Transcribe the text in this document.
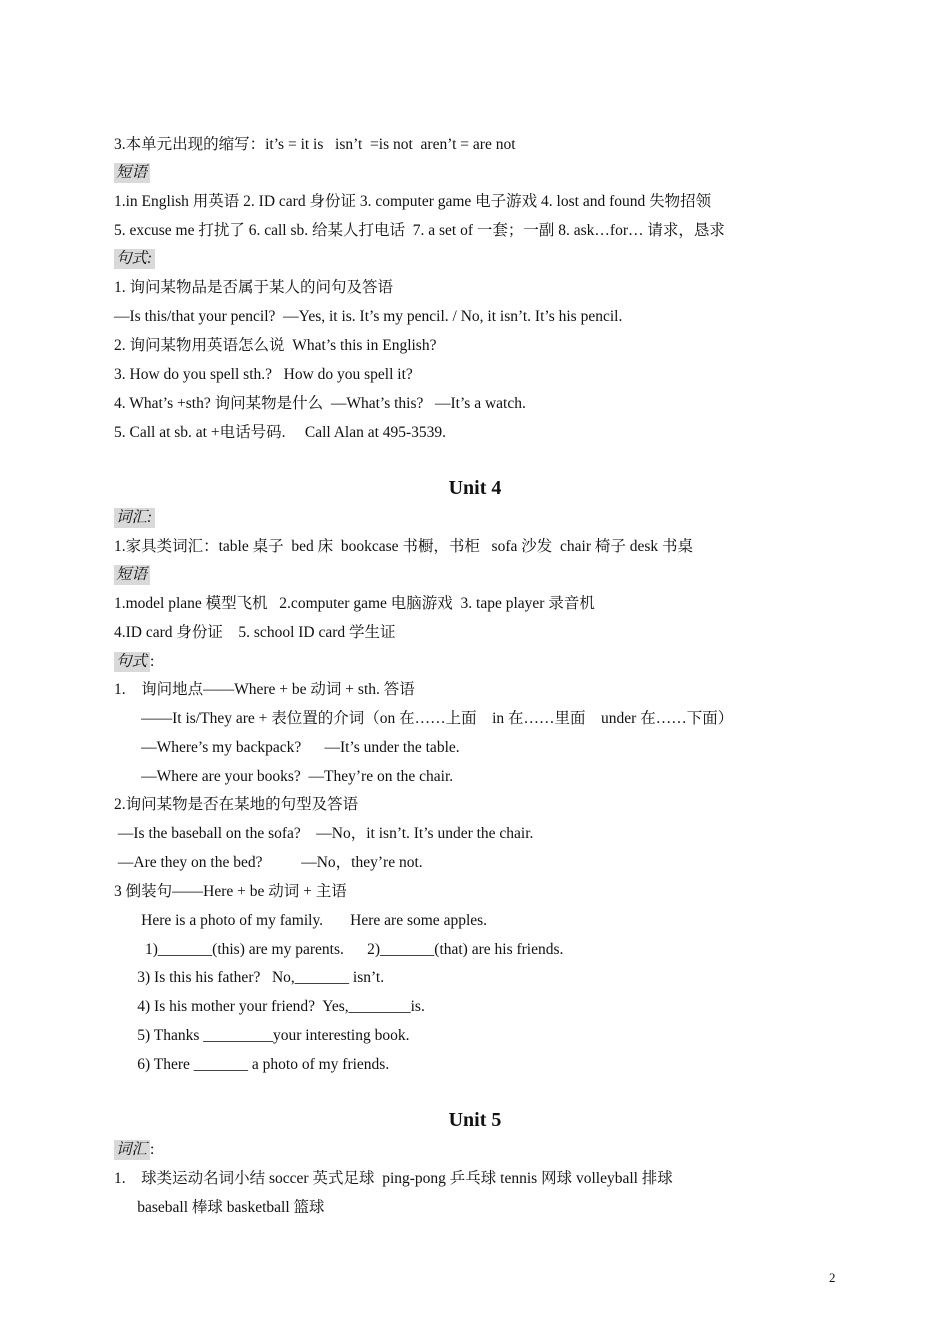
3.本单元出现的缩写：it’s = it is   isn’t  =is not  aren’t = are not
短语
1.in English 用英语 2. ID card 身份证 3. computer game 电子游戏 4. lost and found 失物招领
5. excuse me 打扰了 6. call sb. 给某人打电话  7. a set of 一套；一副 8. ask…for… 请求，恳求
句式:
1. 询问某物品是否属于某人的问句及答语
—Is this/that your pencil?  —Yes, it is. It’s my pencil. / No, it isn’t. It’s his pencil.
2. 询问某物用英语怎么说  What’s this in English?
3. How do you spell sth.?   How do you spell it?
4. What’s +sth? 询问某物是什么  —What’s this?   —It’s a watch.
5. Call at sb. at +电话号码.     Call Alan at 495-3539.
Unit 4
词汇:
1.家具类词汇：table 桌子  bed 床  bookcase 书橱，书柜   sofa 沙发  chair 椅子 desk 书桌
短语
1.model plane 模型飞机   2.computer game 电脑游戏  3. tape player 录音机
4.ID card 身份证    5. school ID card 学生证
句式 :
1.    询问地点——Where + be 动词 + sth. 答语
——It is/They are + 表位置的介词（on 在……上面    in 在……里面    under 在……下面）
—Where’s my backpack?      —It’s under the table.
—Where are your books?  —They’re on the chair.
2.询问某物是否在某地的句型及答语
—Is the baseball on the sofa?    —No，it isn’t. It’s under the chair.
—Are they on the bed?          —No，they’re not.
3 倒装句——Here + be 动词 + 主语
Here is a photo of my family.       Here are some apples.
1)_______(this) are my parents.      2)_______(that) are his friends.
3) Is this his father?   No,_______ isn’t.
4) Is his mother your friend?  Yes,________is.
5) Thanks _________your interesting book.
6) There _______ a photo of my friends.
Unit 5
词汇 :
1.    球类运动名词小结 soccer 英式足球  ping-pong 乒乓球 tennis 网球 volleyball 排球
baseball 棒球 basketball 篮球
2
